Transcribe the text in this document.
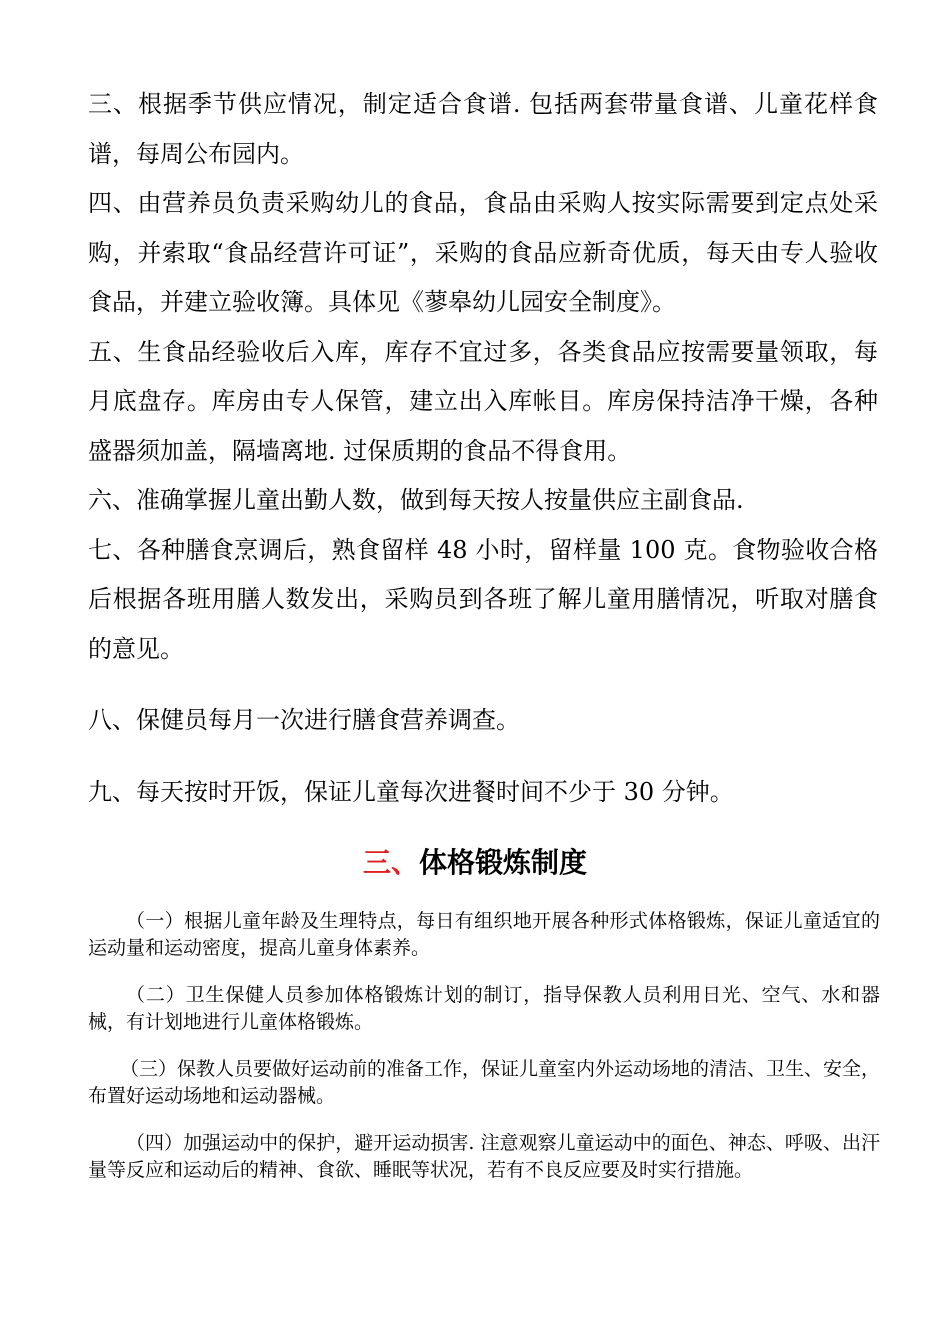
三、根据季节供应情况，制定适合食谱. 包括两套带量食谱、儿童花样食谱，每周公布园内。

四、由营养员负责采购幼儿的食品，食品由采购人按实际需要到定点处采购，并索取“食品经营许可证”，采购的食品应新奇优质，每天由专人验收食品，并建立验收簿。具体见《蓼皋幼儿园安全制度》。

五、生食品经验收后入库，库存不宜过多，各类食品应按需要量领取，每月底盘存。库房由专人保管，建立出入库帐目。库房保持洁净干燥，各种盛器须加盖，隔墙离地. 过保质期的食品不得食用。

六、准确掌握儿童出勤人数，做到每天按人按量供应主副食品.

七、各种膳食烹调后，熟食留样 48 小时，留样量 100 克。食物验收合格后根据各班用膳人数发出，采购员到各班了解儿童用膳情况，听取对膳食的意见。

八、保健员每月一次进行膳食营养调查。

九、每天按时开饭，保证儿童每次进餐时间不少于 30 分钟。

三、体格锻炼制度

（一）根据儿童年龄及生理特点，每日有组织地开展各种形式体格锻炼，保证儿童适宜的运动量和运动密度，提高儿童身体素养。

（二）卫生保健人员参加体格锻炼计划的制订，指导保教人员利用日光、空气、水和器械，有计划地进行儿童体格锻炼。

（三）保教人员要做好运动前的准备工作，保证儿童室内外运动场地的清洁、卫生、安全，布置好运动场地和运动器械。

（四）加强运动中的保护，避开运动损害. 注意观察儿童运动中的面色、神态、呼吸、出汗量等反应和运动后的精神、食欲、睡眠等状况，若有不良反应要及时实行措施。
